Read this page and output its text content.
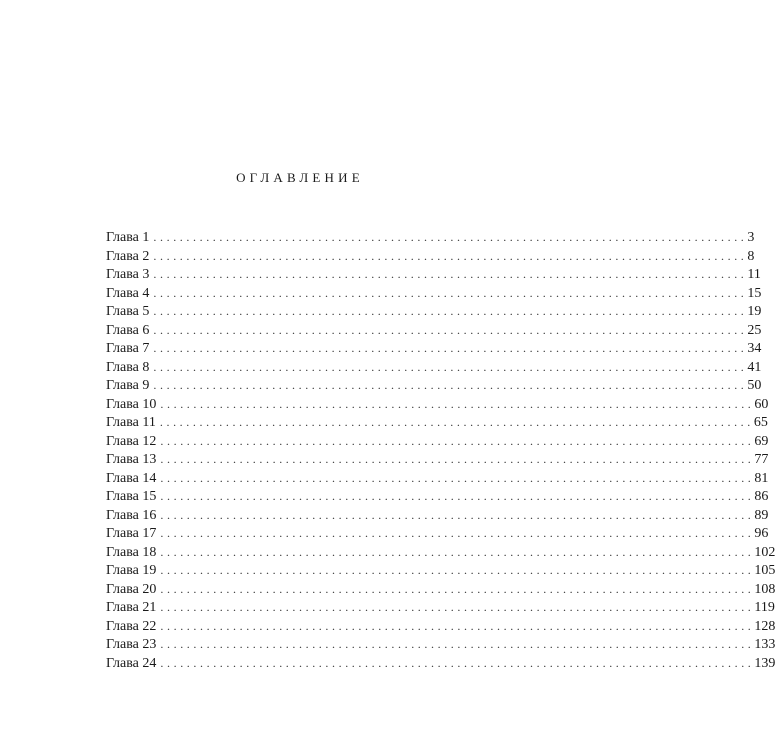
ОГЛАВЛЕНИЕ
Глава 1 .......................................................................................... 3
Глава 2 .......................................................................................... 8
Глава 3 .......................................................................................... 11
Глава 4 .......................................................................................... 15
Глава 5 .......................................................................................... 19
Глава 6 .......................................................................................... 25
Глава 7 .......................................................................................... 34
Глава 8 .......................................................................................... 41
Глава 9 .......................................................................................... 50
Глава 10 .......................................................................................... 60
Глава 11 .......................................................................................... 65
Глава 12 .......................................................................................... 69
Глава 13 .......................................................................................... 77
Глава 14 .......................................................................................... 81
Глава 15 .......................................................................................... 86
Глава 16 .......................................................................................... 89
Глава 17 .......................................................................................... 96
Глава 18 .......................................................................................... 102
Глава 19 .......................................................................................... 105
Глава 20 .......................................................................................... 108
Глава 21 .......................................................................................... 119
Глава 22 .......................................................................................... 128
Глава 23 .......................................................................................... 133
Глава 24 .......................................................................................... 139
